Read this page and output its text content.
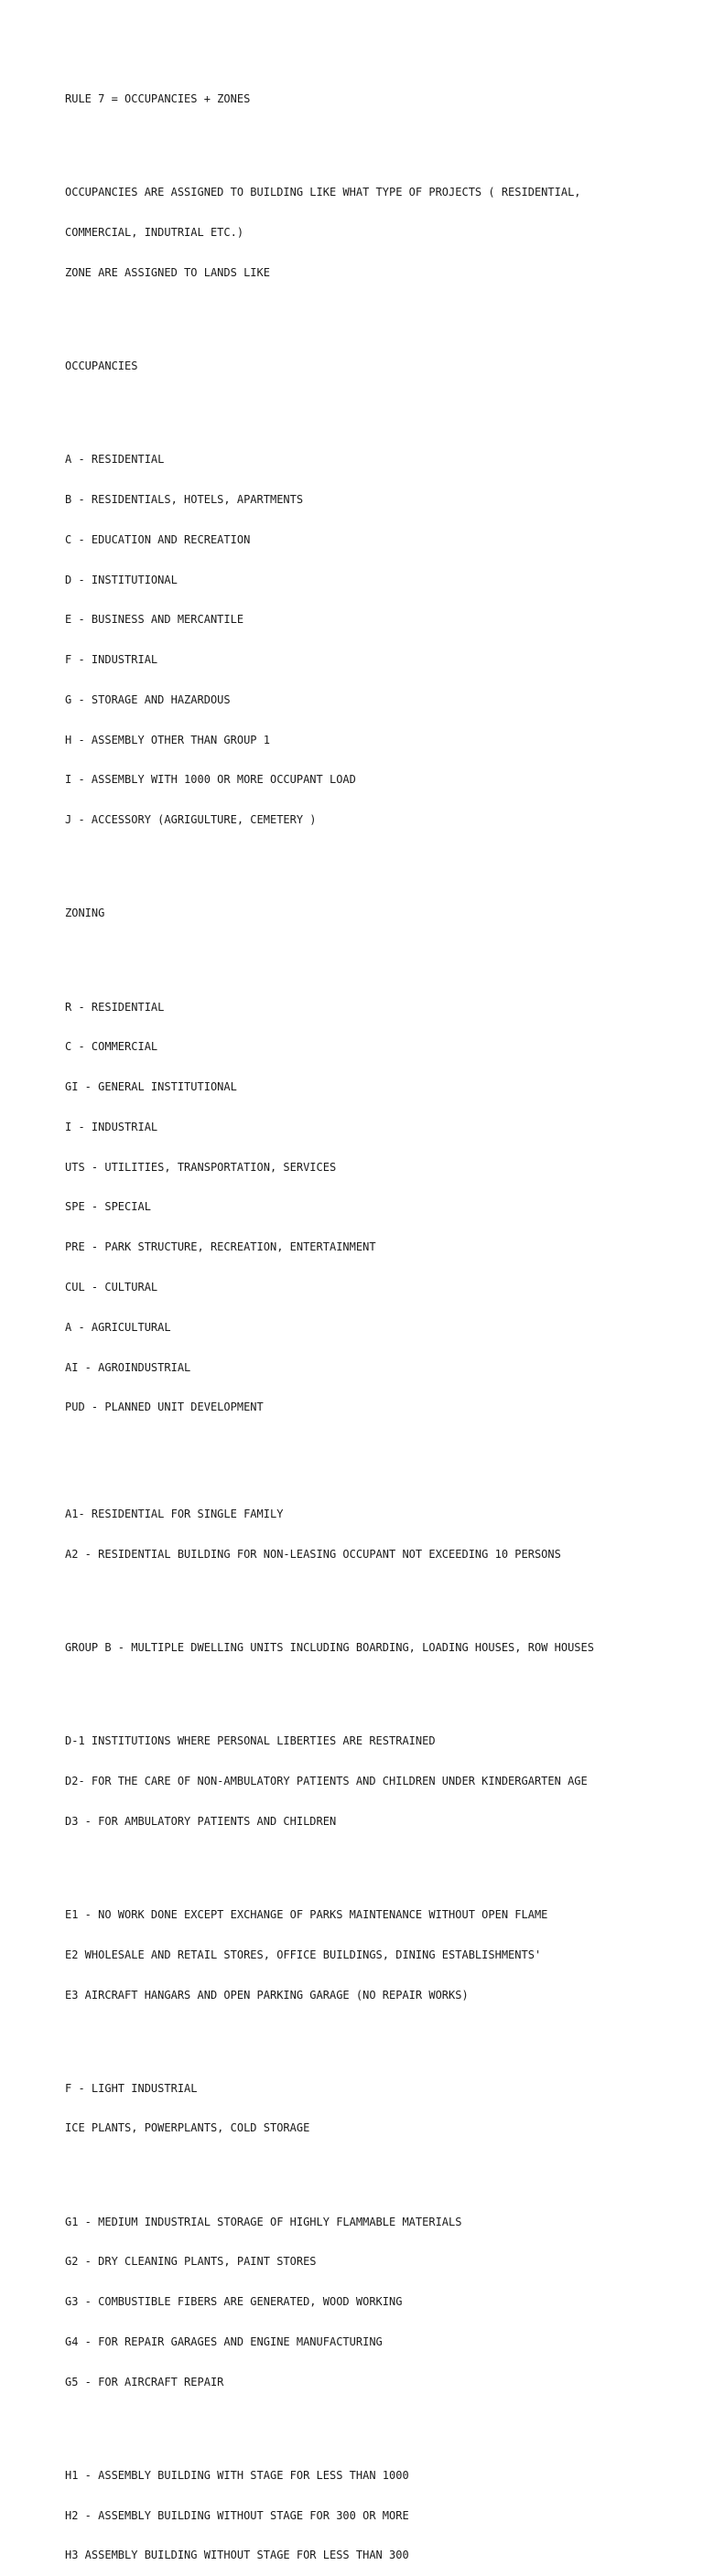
RULE 7 = OCCUPANCIES + ZONES

OCCUPANCIES ARE ASSIGNED TO BUILDING LIKE WHAT TYPE OF PROJECTS ( RESIDENTIAL,

COMMERCIAL, INDUTRIAL ETC.)

ZONE ARE ASSIGNED TO LANDS LIKE

OCCUPANCIES

A - RESIDENTIAL

B - RESIDENTIALS, HOTELS, APARTMENTS

C - EDUCATION AND RECREATION

D - INSTITUTIONAL

E - BUSINESS AND MERCANTILE

F - INDUSTRIAL

G - STORAGE AND HAZARDOUS

H - ASSEMBLY OTHER THAN GROUP 1

I - ASSEMBLY WITH 1000 OR MORE OCCUPANT LOAD

J - ACCESSORY (AGRIGULTURE, CEMETERY )

ZONING

R - RESIDENTIAL

C - COMMERCIAL

GI - GENERAL INSTITUTIONAL

I - INDUSTRIAL

UTS - UTILITIES, TRANSPORTATION, SERVICES

SPE - SPECIAL

PRE - PARK STRUCTURE, RECREATION, ENTERTAINMENT

CUL - CULTURAL

A - AGRICULTURAL

AI - AGROINDUSTRIAL

PUD - PLANNED UNIT DEVELOPMENT

A1- RESIDENTIAL FOR SINGLE FAMILY

A2 - RESIDENTIAL BUILDING FOR NON-LEASING OCCUPANT NOT EXCEEDING 10 PERSONS

GROUP B - MULTIPLE DWELLING UNITS INCLUDING BOARDING, LOADING HOUSES, ROW HOUSES

D-1 INSTITUTIONS WHERE PERSONAL LIBERTIES ARE RESTRAINED

D2- FOR THE CARE OF NON-AMBULATORY PATIENTS AND CHILDREN UNDER KINDERGARTEN AGE

D3 - FOR AMBULATORY PATIENTS AND CHILDREN

E1 - NO WORK DONE EXCEPT EXCHANGE OF PARKS MAINTENANCE WITHOUT OPEN FLAME

E2 WHOLESALE AND RETAIL STORES, OFFICE BUILDINGS, DINING ESTABLISHMENTS'

E3 AIRCRAFT HANGARS AND OPEN PARKING GARAGE (NO REPAIR WORKS)

F - LIGHT INDUSTRIAL

ICE PLANTS, POWERPLANTS, COLD STORAGE

G1 - MEDIUM INDUSTRIAL STORAGE OF HIGHLY FLAMMABLE MATERIALS

G2 - DRY CLEANING PLANTS, PAINT STORES

G3 - COMBUSTIBLE FIBERS ARE GENERATED, WOOD WORKING

G4 - FOR REPAIR GARAGES AND ENGINE MANUFACTURING

G5 - FOR AIRCRAFT REPAIR

H1 - ASSEMBLY BUILDING WITH STAGE FOR LESS THAN 1000

H2 - ASSEMBLY BUILDING WITHOUT STAGE FOR 300 OR MORE

H3 ASSEMBLY BUILDING WITHOUT STAGE FOR LESS THAN 300
